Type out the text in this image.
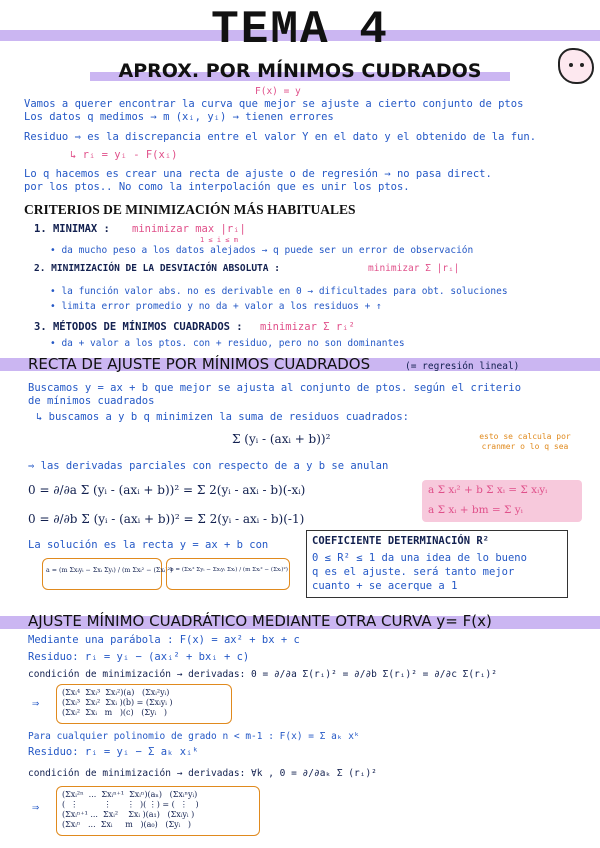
TEMA 4
APROX. POR MÍNIMOS CUDRADOS
F(x) = y
Vamos a querer encontrar la curva que mejor se ajuste a cierto conjunto de ptos
Los datos q medimos → m (xᵢ, yᵢ) → tienen errores
Residuo ⇒ es la discrepancia entre el valor Y en el dato y el obtenido de la fun.
↳ rᵢ = yᵢ - F(xᵢ)
Lo q hacemos es crear una recta de ajuste o de regresión → no pasa direct.
por los ptos.. No como la interpolación que es unir los ptos.
CRITERIOS DE MINIMIZACIÓN MÁS HABITUALES
1. MINIMAX : minimizar max |rᵢ|
1 ≤ i ≤ m
• da mucho peso a los datos alejados → q puede ser un error de observación
2. MINIMIZACIÓN DE LA DESVIACIÓN ABSOLUTA :	minimizar Σ |rᵢ|
• la función valor abs. no es derivable en 0 → dificultades para obt. soluciones
• limita error promedio y no da + valor a los residuos + ↑
3. MÉTODOS DE MÍNIMOS CUADRADOS : minimizar Σ rᵢ²
• da + valor a los ptos. con + residuo, pero no son dominantes
RECTA DE AJUSTE POR MÍNIMOS CUADRADOS	(= regresión lineal)
Buscamos y = ax + b que mejor se ajusta al conjunto de ptos. según el criterio
de mínimos cuadrados
↳ buscamos a y b q minimizen la suma de residuos cuadrados:
Σ (yᵢ - (axᵢ + b))²	esto se calcula por cranmer o lo q sea
⇒ las derivadas parciales con respecto de a y b se anulan
0 = ∂/∂a Σ (yᵢ - (axᵢ + b))² = Σ 2(yᵢ - axᵢ - b)(-xᵢ)
0 = ∂/∂b Σ (yᵢ - (axᵢ + b))² = Σ 2(yᵢ - axᵢ - b)(-1)
a Σ xᵢ² + b Σ xᵢ = Σ xᵢyᵢ
a Σ xᵢ + bm = Σ yᵢ
La solución es la recta y = ax + b con
a = (m Σxᵢyᵢ − Σxᵢ Σyᵢ) / (m Σxᵢ² − (Σxᵢ)²)
b = (Σxᵢ² Σyᵢ − Σxᵢyᵢ Σxᵢ) / (m Σxᵢ² − (Σxᵢ)²)
COEFICIENTE DETERMINACIÓN R²
0 ≤ R² ≤ 1 da una idea de lo bueno
q es el ajuste. será tanto mejor
cuanto + se acerque a 1
AJUSTE MÍNIMO CUADRÁTICO MEDIANTE OTRA CURVA y= F(x)
Mediante una parábola : F(x) = ax² + bx + c
Residuo: rᵢ = yᵢ − (axᵢ² + bxᵢ + c)
condición de minimización → derivadas: 0 = ∂/∂a Σ(rᵢ)² = ∂/∂b Σ(rᵢ)² = ∂/∂c Σ(rᵢ)²
⇒
(Σxᵢ⁴  Σxᵢ³  Σxᵢ²)(a)   (Σxᵢ²yᵢ)
(Σxᵢ³  Σxᵢ²  Σxᵢ )(b) = (Σxᵢyᵢ )
(Σxᵢ²  Σxᵢ   m   )(c)   (Σyᵢ   )
Para cualquier polinomio de grado n < m-1 : F(x) = Σ aₖ xᵏ
Residuo: rᵢ = yᵢ − Σ aₖ xᵢᵏ
condición de minimización → derivadas: ∀k , 0 = ∂/∂aₖ Σ (rᵢ)²
⇒
(Σxᵢ²ⁿ  ...  Σxᵢⁿ⁺¹  Σxᵢⁿ)(aₙ)   (Σxᵢⁿyᵢ)
(  ⋮          ⋮      ⋮  )( ⋮) = (  ⋮   )
(Σxᵢⁿ⁺¹ ...  Σxᵢ²    Σxᵢ )(a₁)   (Σxᵢyᵢ )
(Σxᵢⁿ   ...  Σxᵢ     m   )(a₀)   (Σyᵢ   )
